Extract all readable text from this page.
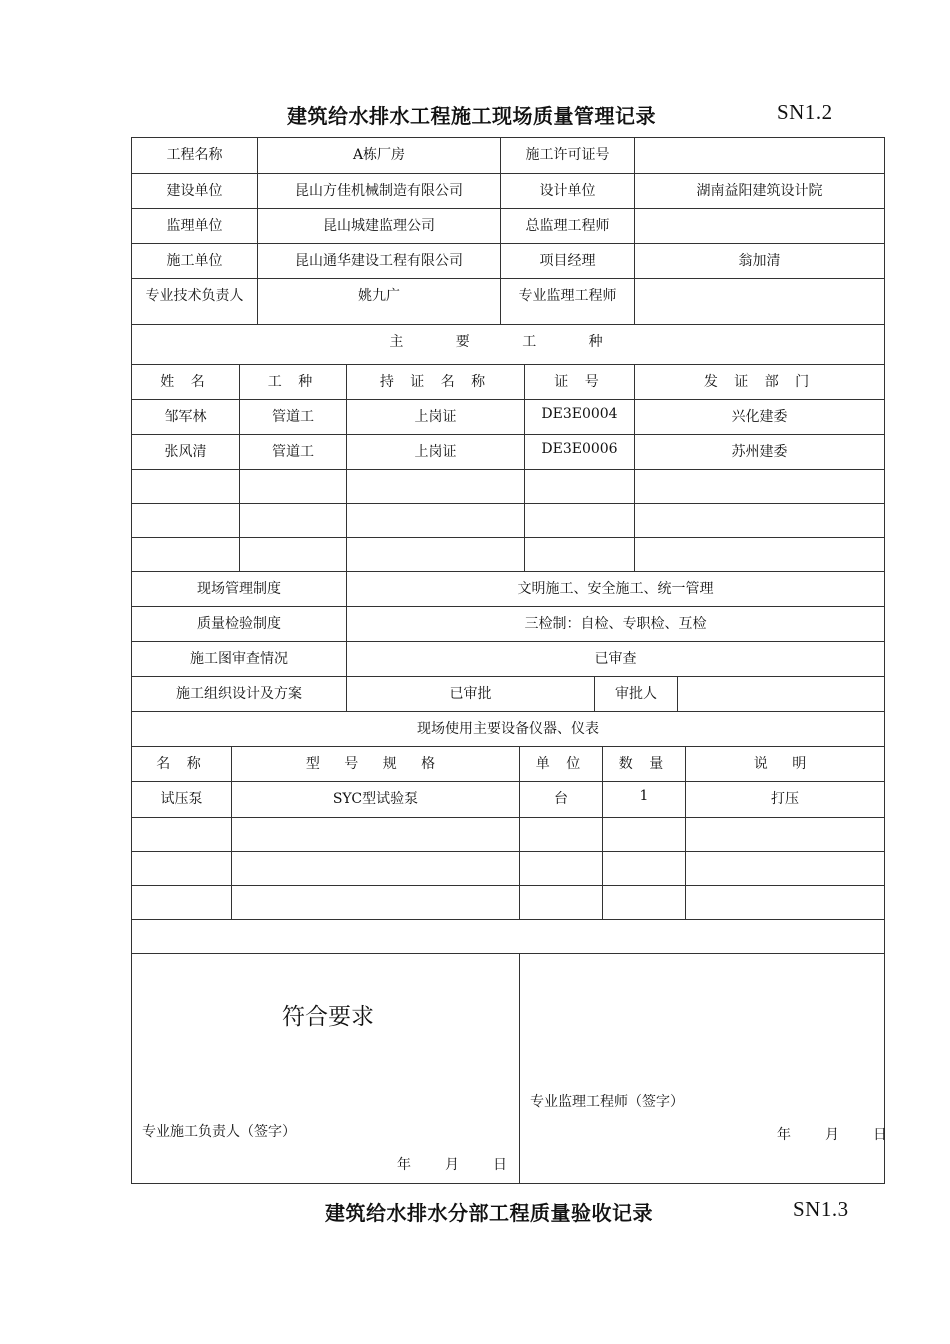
建筑给水排水工程施工现场质量管理记录	SN1.2
工程名称	A栋厂房	施工许可证号
建设单位	昆山方佳机械制造有限公司	设计单位	湖南益阳建筑设计院
监理单位	昆山城建监理公司	总监理工程师
施工单位	昆山通华建设工程有限公司	项目经理	翁加清
专业技术负责人	姚九广	专业监理工程师
主 要 工 种
姓 名	工 种	持 证 名 称	证 号	发 证 部 门
邹军林	管道工	上岗证	DE3E0004	兴化建委
张风清	管道工	上岗证	DE3E0006	苏州建委
现场管理制度	文明施工、安全施工、统一管理
质量检验制度	三检制：自检、专职检、互检
施工图审查情况	已审查
施工组织设计及方案	已审批	审批人
现场使用主要设备仪器、仪表
名 称	型 号 规 格	单 位	数 量	说 明
试压泵	SYC型试验泵	台	1	打压
符合要求
专业施工负责人（签字）
年　　月　　日
专业监理工程师（签字）
年　　月　　日
建筑给水排水分部工程质量验收记录	SN1.3
